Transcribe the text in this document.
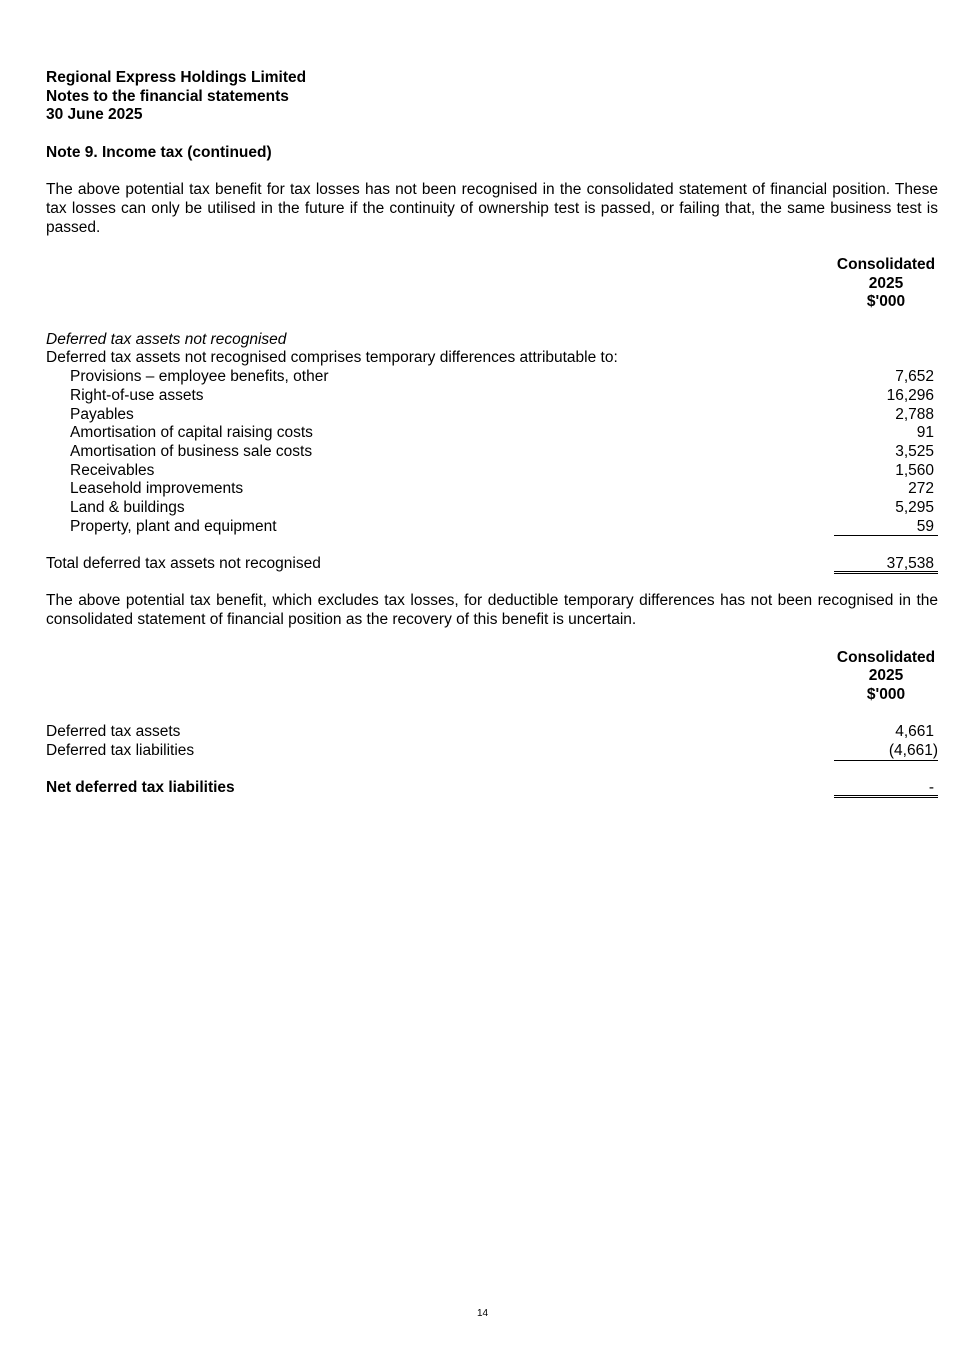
Regional Express Holdings Limited
Notes to the financial statements
30 June 2025
Note 9. Income tax (continued)

The above potential tax benefit for tax losses has not been recognised in the consolidated statement of financial position. These tax losses can only be utilised in the future if the continuity of ownership test is passed, or failing that, the same business test is passed.

Consolidated
2025
$'000
Deferred tax assets not recognised
Deferred tax assets not recognised comprises temporary differences attributable to:
Provisions – employee benefits, other	7,652
Right-of-use assets	16,296
Payables	2,788
Amortisation of capital raising costs	91
Amortisation of business sale costs	3,525
Receivables	1,560
Leasehold improvements	272
Land & buildings	5,295
Property, plant and equipment	59
Total deferred tax assets not recognised	37,538

The above potential tax benefit, which excludes tax losses, for deductible temporary differences has not been recognised in the consolidated statement of financial position as the recovery of this benefit is uncertain.

Consolidated
2025
$'000
Deferred tax assets	4,661
Deferred tax liabilities	(4,661)
Net deferred tax liabilities	-
14
